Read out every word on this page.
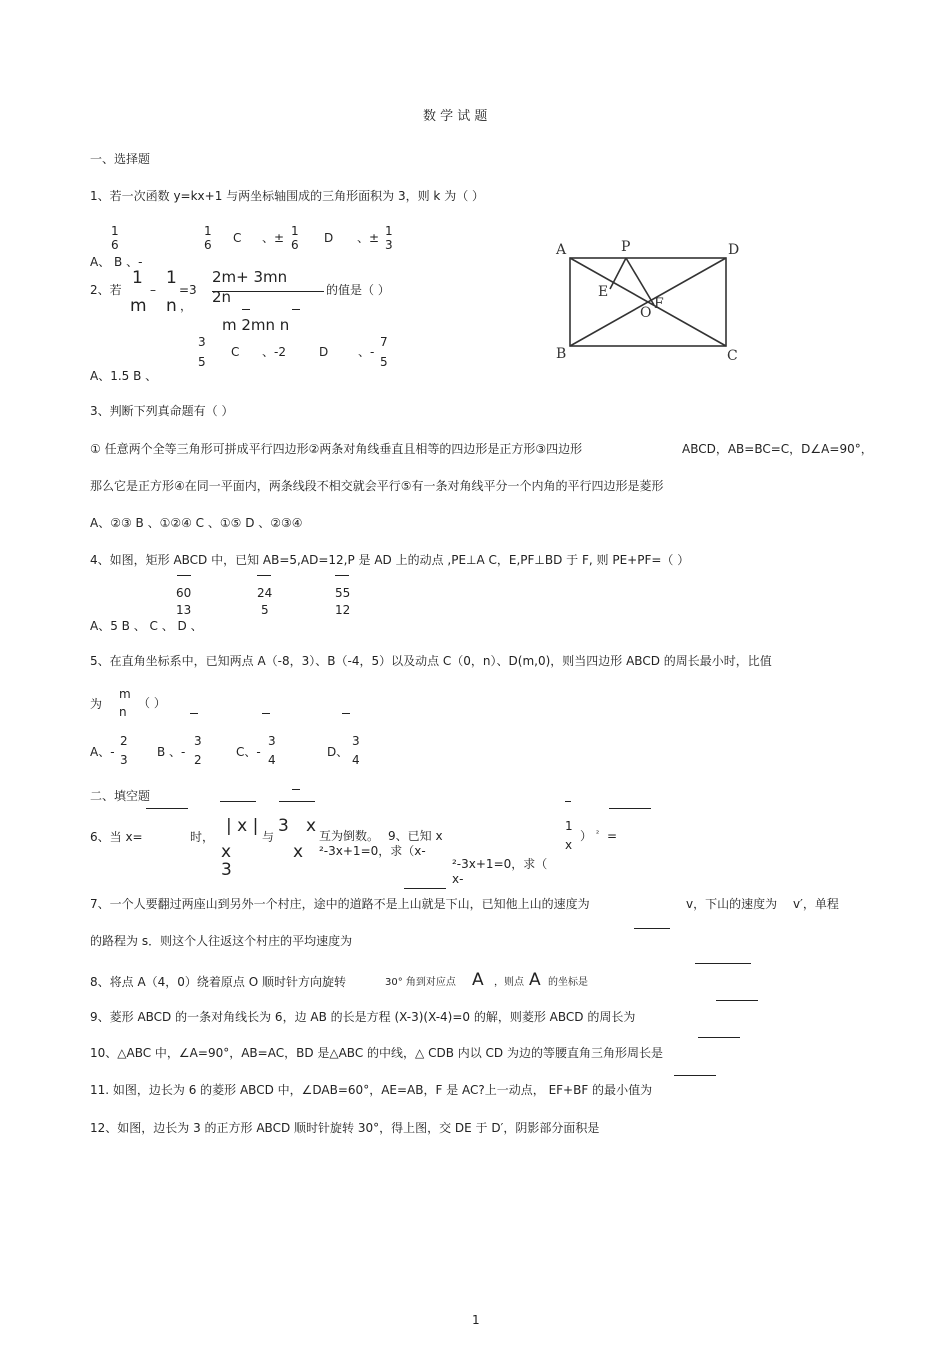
数 学 试 题
一、选择题
1、若一次函数 y=kx+1 与两坐标轴围成的三角形面积为 3，则 k 为（ ）
1
6
1
6 C 、± 1
6 D 、± 1
3
A、 B 、-
2、若
1
m
–
1
n
=3
，
2m+ 3mn
2n
m 2mn n
的值是（ ）
3
5
C 、-2	D 、-
7
5
A、1.5 B 、
A	P	D
E
O
F
B	C
3、判断下列真命题有（ ）
① 任意两个全等三角形可拼成平行四边形②两条对角线垂直且相等的四边形是正方形③四边形	ABCD，AB=BC=C，D∠A=90°，
那么它是正方形④在同一平面内，两条线段不相交就会平行⑤有一条对角线平分一个内角的平行四边形是菱形
A、②③ B 、①②④ C 、①⑤ D 、②③④
4、如图，矩形 ABCD 中，已知 AB=5,AD=12,P 是 AD 上的动点 ,PE⊥A C，E,PF⊥BD 于 F, 则 PE+PF=（ ）
60
13
24
5
55
12
A、5 B 、 C 、 D 、
5、在直角坐标系中，已知两点 A（-8，3）、B（-4，5）以及动点 C（0，n）、D(m,0)，则当四边形 ABCD 的周长最小时，比值
为
m
n
（ ）
A、-
2
3
B 、-
3
2
C、-
3
4
D、
3
4
二、填空题
6、当 x=	时，
| x |
x
3
与
3
x
x 互为倒数。 9、已知 x
²-3x+1=0，求（x-
1
x
） ² =
²-3x+1=0，求（
x-
7、一个人要翻过两座山到另外一个村庄，途中的道路不是上山就是下山，已知他上山的速度为	v，下山的速度为 v′，单程
的路程为 s．则这个人往返这个村庄的平均速度为
8、将点 A（4，0）绕着原点 O 顺时针方向旋转	30° 角到对应点 A ，则点 A 的坐标是
9、菱形 ABCD 的一条对角线长为 6，边 AB 的长是方程 (X-3)(X-4)=0 的解，则菱形 ABCD 的周长为
10、△ABC 中，∠A=90°，AB=AC，BD 是△ABC 的中线，△ CDB 内以 CD 为边的等腰直角三角形周长是
11. 如图，边长为 6 的菱形 ABCD 中，∠DAB=60°，AE=AB，F 是 AC?上一动点， EF+BF 的最小值为
12、如图，边长为 3 的正方形 ABCD 顺时针旋转 30°，得上图，交 DE 于 D′，阴影部分面积是
1
